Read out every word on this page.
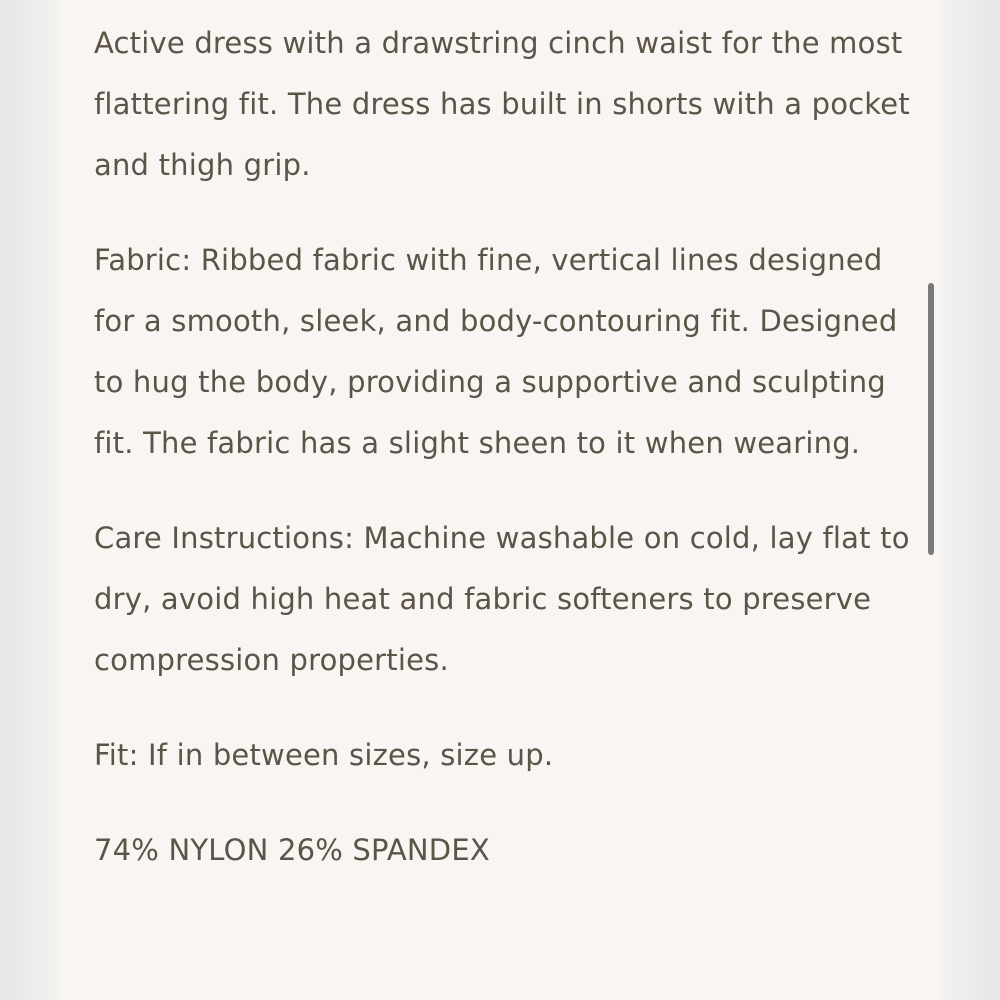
Active dress with a drawstring cinch waist for the most flattering fit. The dress has built in shorts with a pocket and thigh grip.

Fabric: Ribbed fabric with fine, vertical lines designed for a smooth, sleek, and body-contouring fit. Designed to hug the body, providing a supportive and sculpting fit. The fabric has a slight sheen to it when wearing.

Care Instructions: Machine washable on cold, lay flat to dry, avoid high heat and fabric softeners to preserve compression properties.

Fit: If in between sizes, size up.

74% NYLON 26% SPANDEX
